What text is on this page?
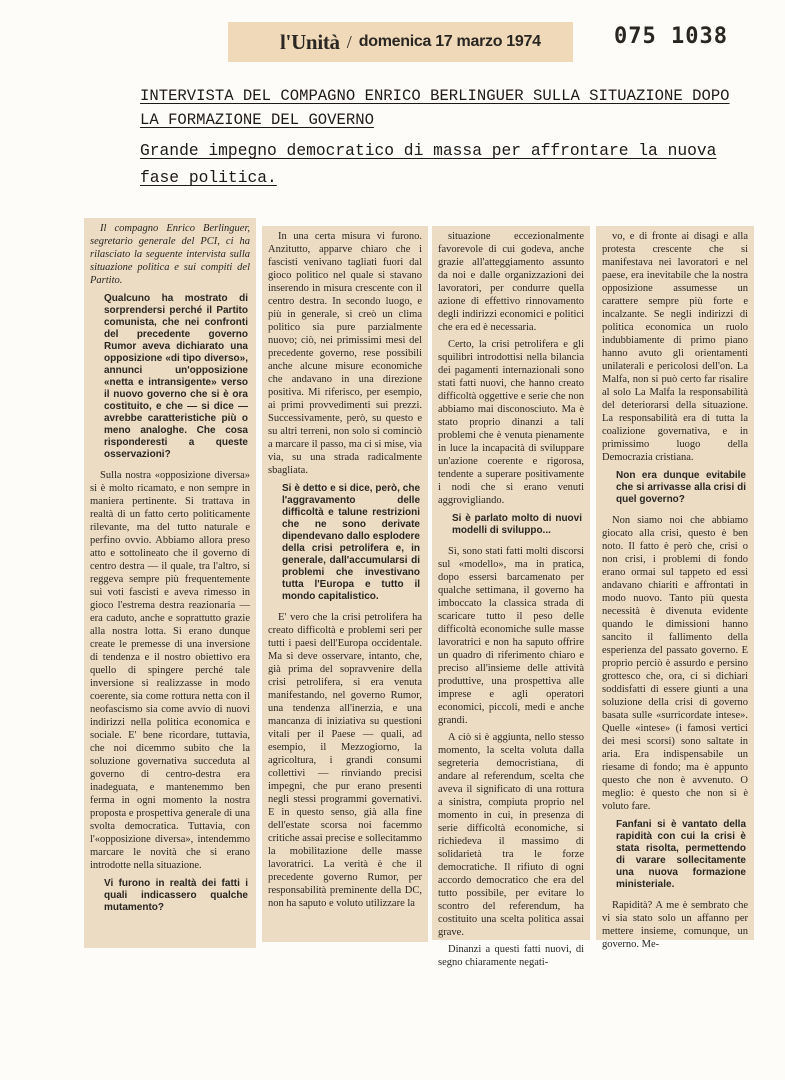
l'Unità / domenica 17 marzo 1974	075 1038
INTERVISTA DEL COMPAGNO ENRICO BERLINGUER SULLA SITUAZIONE DOPO LA FORMAZIONE DEL GOVERNO
Grande impegno democratico di massa per affrontare la nuova fase politica.

Il compagno Enrico Berlinguer, segretario generale del PCI, ci ha rilasciato la seguente intervista sulla situazione politica e sui compiti del Partito.

Qualcuno ha mostrato di sorprendersi perché il Partito comunista, che nei confronti del precedente governo Rumor aveva dichiarato una opposizione «di tipo diverso», annunci un'opposizione «netta e intransigente» verso il nuovo governo che si è ora costituito, e che — si dice — avrebbe caratteristiche più o meno analoghe. Che cosa risponderesti a queste osservazioni?

Sulla nostra «opposizione diversa» si è molto ricamato, e non sempre in maniera pertinente. Si trattava in realtà di un fatto certo politicamente rilevante, ma del tutto naturale e perfino ovvio. Abbiamo allora preso atto e sottolineato che il governo di centro destra — il quale, tra l'altro, si reggeva sempre più frequentemente sui voti fascisti e aveva rimesso in gioco l'estrema destra reazionaria — era caduto, anche e soprattutto grazie alla nostra lotta. Si erano dunque create le premesse di una inversione di tendenza e il nostro obiettivo era quello di spingere perché tale inversione si realizzasse in modo coerente, sia come rottura netta con il neofascismo sia come avvio di nuovi indirizzi nella politica economica e sociale. E' bene ricordare, tuttavia, che noi dicemmo subito che la soluzione governativa succeduta al governo di centro-destra era inadeguata, e mantenemmo ben ferma in ogni momento la nostra proposta e prospettiva generale di una svolta democratica. Tuttavia, con l'«opposizione diversa», intendemmo marcare le novità che si erano introdotte nella situazione.

Vi furono in realtà dei fatti i quali indicassero qualche mutamento?

In una certa misura vi furono. Anzitutto, apparve chiaro che i fascisti venivano tagliati fuori dal gioco politico nel quale si stavano inserendo in misura crescente con il centro destra. In secondo luogo, e più in generale, si creò un clima politico sia pure parzialmente nuovo; ciò, nei primissimi mesi del precedente governo, rese possibili anche alcune misure economiche che andavano in una direzione positiva. Mi riferisco, per esempio, ai primi provvedimenti sui prezzi. Successivamente, però, su questo e su altri terreni, non solo si cominciò a marcare il passo, ma ci si mise, via via, su una strada radicalmente sbagliata.

Si è detto e si dice, però, che l'aggravamento delle difficoltà e talune restrizioni che ne sono derivate dipendevano dallo esplodere della crisi petrolifera e, in generale, dall'accumularsi di problemi che investivano tutta l'Europa e tutto il mondo capitalistico.

E' vero che la crisi petrolifera ha creato difficoltà e problemi seri per tutti i paesi dell'Europa occidentale. Ma si deve osservare, intanto, che, già prima del sopravvenire della crisi petrolifera, si era venuta manifestando, nel governo Rumor, una tendenza all'inerzia, e una mancanza di iniziativa su questioni vitali per il Paese — quali, ad esempio, il Mezzogiorno, la agricoltura, i grandi consumi collettivi — rinviando precisi impegni, che pur erano presenti negli stessi programmi governativi. E in questo senso, già alla fine dell'estate scorsa noi facemmo critiche assai precise e sollecitammo la mobilitazione delle masse lavoratrici. La verità è che il precedente governo Rumor, per responsabilità preminente della DC, non ha saputo e voluto utilizzare la

situazione eccezionalmente favorevole di cui godeva, anche grazie all'atteggiamento assunto da noi e dalle organizzazioni dei lavoratori, per condurre quella azione di effettivo rinnovamento degli indirizzi economici e politici che era ed è necessaria.

Certo, la crisi petrolifera e gli squilibri introdottisi nella bilancia dei pagamenti internazionali sono stati fatti nuovi, che hanno creato difficoltà oggettive e serie che non abbiamo mai disconosciuto. Ma è stato proprio dinanzi a tali problemi che è venuta pienamente in luce la incapacità di sviluppare un'azione coerente e rigorosa, tendente a superare positivamente i nodi che si erano venuti aggrovigliando.

Si è parlato molto di nuovi modelli di sviluppo...

Sì, sono stati fatti molti discorsi sul «modello», ma in pratica, dopo essersi barcamenato per qualche settimana, il governo ha imboccato la classica strada di scaricare tutto il peso delle difficoltà economiche sulle masse lavoratrici e non ha saputo offrire un quadro di riferimento chiaro e preciso all'insieme delle attività produttive, una prospettiva alle imprese e agli operatori economici, piccoli, medi e anche grandi.

A ciò si è aggiunta, nello stesso momento, la scelta voluta dalla segreteria democristiana, di andare al referendum, scelta che aveva il significato di una rottura a sinistra, compiuta proprio nel momento in cui, in presenza di serie difficoltà economiche, si richiedeva il massimo di solidarietà tra le forze democratiche. Il rifiuto di ogni accordo democratico che era del tutto possibile, per evitare lo scontro del referendum, ha costituito una scelta politica assai grave.

Dinanzi a questi fatti nuovi, di segno chiaramente negati-

vo, e di fronte ai disagi e alla protesta crescente che si manifestava nei lavoratori e nel paese, era inevitabile che la nostra opposizione assumesse un carattere sempre più forte e incalzante. Se negli indirizzi di politica economica un ruolo indubbiamente di primo piano hanno avuto gli orientamenti unilaterali e pericolosi dell'on. La Malfa, non si può certo far risalire al solo La Malfa la responsabilità del deteriorarsi della situazione. La responsabilità era di tutta la coalizione governativa, e in primissimo luogo della Democrazia cristiana.

Non era dunque evitabile che si arrivasse alla crisi di quel governo?

Non siamo noi che abbiamo giocato alla crisi, questo è ben noto. Il fatto è però che, crisi o non crisi, i problemi di fondo erano ormai sul tappeto ed essi andavano chiariti e affrontati in modo nuovo. Tanto più questa necessità è divenuta evidente quando le dimissioni hanno sancito il fallimento della esperienza del passato governo. E proprio perciò è assurdo e persino grottesco che, ora, ci si dichiari soddisfatti di essere giunti a una soluzione della crisi di governo basata sulle «surricordate intese». Quelle «intese» (i famosi vertici dei mesi scorsi) sono saltate in aria. Era indispensabile un riesame di fondo; ma è appunto questo che non è avvenuto. O meglio: è questo che non si è voluto fare.

Fanfani si è vantato della rapidità con cui la crisi è stata risolta, permettendo di varare sollecitamente una nuova formazione ministeriale.

Rapidità? A me è sembrato che vi sia stato solo un affanno per mettere insieme, comunque, un governo. Me-
